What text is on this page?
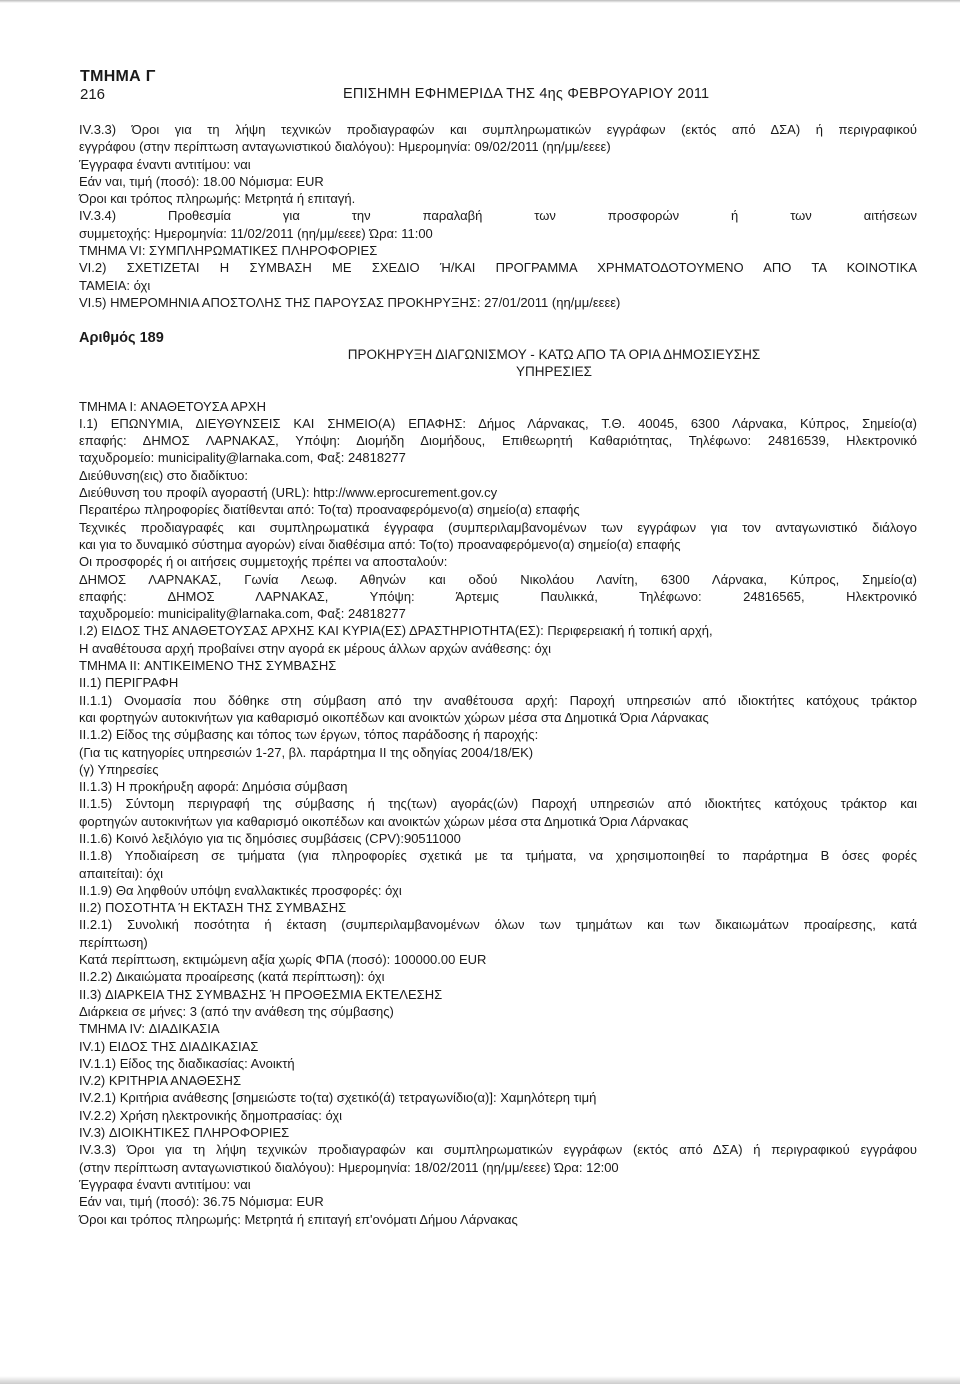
ΤΜΗΜΑ Γ
216	ΕΠΙΣΗΜΗ ΕΦΗΜΕΡΙΔΑ ΤΗΣ 4ης ΦΕΒΡΟΥΑΡΙΟΥ 2011

IV.3.3) Όροι για τη λήψη τεχνικών προδιαγραφών και συμπληρωματικών εγγράφων (εκτός από ΔΣΑ) ή περιγραφικού

εγγράφου (στην περίπτωση ανταγωνιστικού διαλόγου): Ημερομηνία: 09/02/2011 (ηη/μμ/εεεε)

Έγγραφα έναντι αντιτίμου: ναι

Εάν ναι, τιμή (ποσό): 18.00 Νόμισμα: EUR

Όροι και τρόπος πληρωμής: Μετρητά ή επιταγή.

IV.3.4) Προθεσμία για την παραλαβή των προσφορών ή των αιτήσεων

συμμετοχής: Ημερομηνία: 11/02/2011 (ηη/μμ/εεεε) Ώρα: 11:00

ΤΜΗΜΑ VI: ΣΥΜΠΛΗΡΩΜΑΤΙΚΕΣ ΠΛΗΡΟΦΟΡΙΕΣ

VI.2) ΣΧΕΤΙΖΕΤΑΙ Η ΣΥΜΒΑΣΗ ΜΕ ΣΧΕΔΙΟ Ή/ΚΑΙ ΠΡΟΓΡΑΜΜΑ ΧΡΗΜΑΤΟΔΟΤΟΥΜΕΝΟ ΑΠΟ ΤΑ ΚΟΙΝΟΤΙΚΑ

ΤΑΜΕΙΑ: όχι

VI.5) ΗΜΕΡΟΜΗΝΙΑ ΑΠΟΣΤΟΛΗΣ ΤΗΣ ΠΑΡΟΥΣΑΣ ΠΡΟΚΗΡΥΞΗΣ: 27/01/2011 (ηη/μμ/εεεε)

Αριθμός 189
ΠΡΟΚΗΡΥΞΗ ΔΙΑΓΩΝΙΣΜΟΥ - ΚΑΤΩ ΑΠΟ ΤΑ ΟΡΙΑ ΔΗΜΟΣΙΕΥΣΗΣ
ΥΠΗΡΕΣΙΕΣ

ΤΜΗΜΑ I: ΑΝΑΘΕΤΟΥΣΑ ΑΡΧΗ

I.1) ΕΠΩΝΥΜΙΑ, ΔΙΕΥΘΥΝΣΕΙΣ ΚΑΙ ΣΗΜΕΙΟ(Α) ΕΠΑΦΗΣ: Δήμος Λάρνακας, Τ.Θ. 40045, 6300 Λάρνακα, Κύπρος, Σημείο(α)

επαφής: ΔΗΜΟΣ ΛΑΡΝΑΚΑΣ, Υπόψη: Διομήδη Διομήδους, Επιθεωρητή Καθαριότητας, Τηλέφωνο: 24816539, Ηλεκτρονικό

ταχυδρομείο: municipality@larnaka.com, Φαξ: 24818277

Διεύθυνση(εις) στο διαδίκτυο:

Διεύθυνση του προφίλ αγοραστή (URL): http://www.eprocurement.gov.cy

Περαιτέρω πληροφορίες διατίθενται από: Το(τα) προαναφερόμενο(α) σημείο(α) επαφής

Τεχνικές προδιαγραφές και συμπληρωματικά έγγραφα (συμπεριλαμβανομένων των εγγράφων για τον ανταγωνιστικό διάλογο

και για το δυναμικό σύστημα αγορών) είναι διαθέσιμα από: Το(το) προαναφερόμενο(α) σημείο(α) επαφής

Οι προσφορές ή οι αιτήσεις συμμετοχής πρέπει να αποσταλούν:

ΔΗΜΟΣ ΛΑΡΝΑΚΑΣ, Γωνία Λεωφ. Αθηνών και οδού Νικολάου Λανίτη, 6300 Λάρνακα, Κύπρος, Σημείο(α)

επαφής: ΔΗΜΟΣ ΛΑΡΝΑΚΑΣ, Υπόψη: Άρτεμις Παυλικκά, Τηλέφωνο: 24816565, Ηλεκτρονικό

ταχυδρομείο: municipality@larnaka.com, Φαξ: 24818277

I.2) ΕΙΔΟΣ ΤΗΣ ΑΝΑΘΕΤΟΥΣΑΣ ΑΡΧΗΣ ΚΑΙ ΚΥΡΙΑ(ΕΣ) ΔΡΑΣΤΗΡΙΟΤΗΤΑ(ΕΣ): Περιφερειακή ή τοπική αρχή,

Η αναθέτουσα αρχή προβαίνει στην αγορά εκ μέρους άλλων αρχών ανάθεσης: όχι

ΤΜΗΜΑ II: ΑΝΤΙΚΕΙΜΕΝΟ ΤΗΣ ΣΥΜΒΑΣΗΣ

II.1) ΠΕΡΙΓΡΑΦΗ

II.1.1) Ονομασία που δόθηκε στη σύμβαση από την αναθέτουσα αρχή: Παροχή υπηρεσιών από ιδιοκτήτες κατόχους τράκτορ

και φορτηγών αυτοκινήτων για καθαρισμό οικοπέδων και ανοικτών χώρων μέσα στα Δημοτικά Όρια Λάρνακας

II.1.2) Είδος της σύμβασης και τόπος των έργων, τόπος παράδοσης ή παροχής:

(Για τις κατηγορίες υπηρεσιών 1-27, βλ. παράρτημα II της οδηγίας 2004/18/ΕΚ)

(γ) Υπηρεσίες

II.1.3) Η προκήρυξη αφορά: Δημόσια σύμβαση

II.1.5) Σύντομη περιγραφή της σύμβασης ή της(των) αγοράς(ών) Παροχή υπηρεσιών από ιδιοκτήτες κατόχους τράκτορ και

φορτηγών αυτοκινήτων για καθαρισμό οικοπέδων και ανοικτών χώρων μέσα στα Δημοτικά Όρια Λάρνακας

II.1.6) Κοινό λεξιλόγιο για τις δημόσιες συμβάσεις (CPV):90511000

II.1.8) Υποδιαίρεση σε τμήματα (για πληροφορίες σχετικά με τα τμήματα, να χρησιμοποιηθεί το παράρτημα Β όσες φορές

απαιτείται): όχι

II.1.9) Θα ληφθούν υπόψη εναλλακτικές προσφορές: όχι

II.2) ΠΟΣΟΤΗΤΑ Ή ΕΚΤΑΣΗ ΤΗΣ ΣΥΜΒΑΣΗΣ

II.2.1) Συνολική ποσότητα ή έκταση (συμπεριλαμβανομένων όλων των τμημάτων και των δικαιωμάτων προαίρεσης, κατά

περίπτωση)

Κατά περίπτωση, εκτιμώμενη αξία χωρίς ΦΠΑ (ποσό): 100000.00 EUR

II.2.2) Δικαιώματα προαίρεσης (κατά περίπτωση): όχι

II.3) ΔΙΑΡΚΕΙΑ ΤΗΣ ΣΥΜΒΑΣΗΣ Ή ΠΡΟΘΕΣΜΙΑ ΕΚΤΕΛΕΣΗΣ

Διάρκεια σε μήνες: 3 (από την ανάθεση της σύμβασης)

ΤΜΗΜΑ IV: ΔΙΑΔΙΚΑΣΙΑ

IV.1) ΕΙΔΟΣ ΤΗΣ ΔΙΑΔΙΚΑΣΙΑΣ

IV.1.1) Είδος της διαδικασίας: Ανοικτή

IV.2) ΚΡΙΤΗΡΙΑ ΑΝΑΘΕΣΗΣ

IV.2.1) Κριτήρια ανάθεσης [σημειώστε το(τα) σχετικό(ά) τετραγωνίδιο(α)]: Χαμηλότερη τιμή

IV.2.2) Χρήση ηλεκτρονικής δημοπρασίας: όχι

IV.3) ΔΙΟΙΚΗΤΙΚΕΣ ΠΛΗΡΟΦΟΡΙΕΣ

IV.3.3) Όροι για τη λήψη τεχνικών προδιαγραφών και συμπληρωματικών εγγράφων (εκτός από ΔΣΑ) ή περιγραφικού εγγράφου

(στην περίπτωση ανταγωνιστικού διαλόγου): Ημερομηνία: 18/02/2011 (ηη/μμ/εεεε) Ώρα: 12:00

Έγγραφα έναντι αντιτίμου: ναι

Εάν ναι, τιμή (ποσό): 36.75 Νόμισμα: EUR

Όροι και τρόπος πληρωμής: Μετρητά ή επιταγή επ'ονόματι Δήμου Λάρνακας
